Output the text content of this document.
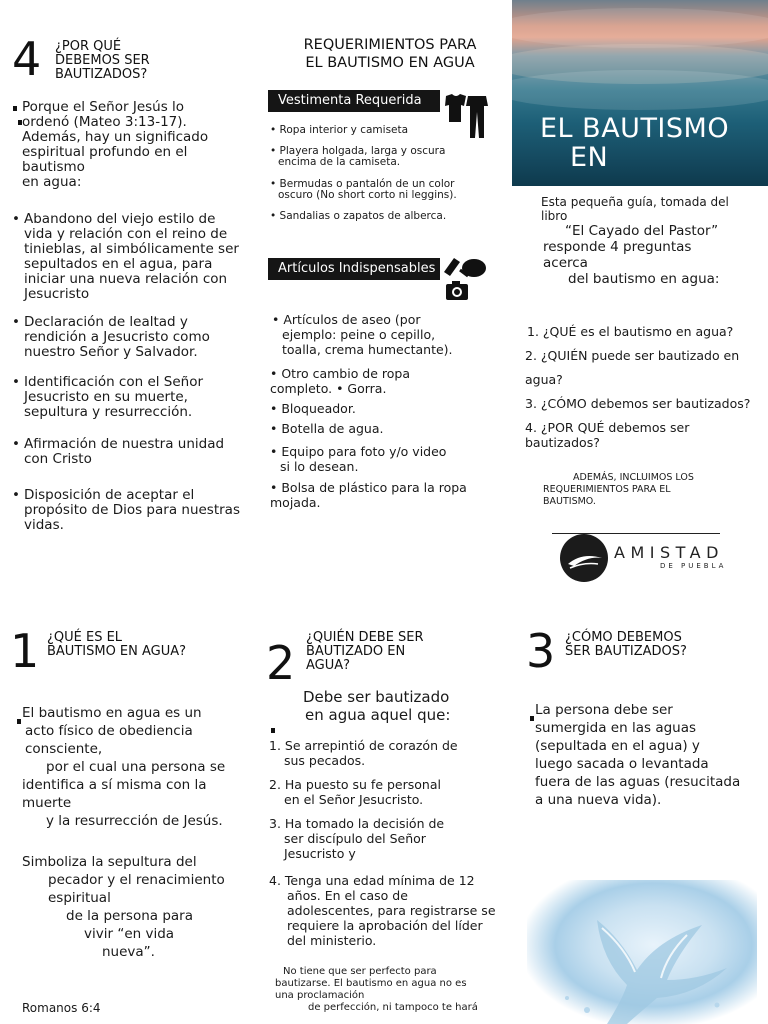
4 ¿POR QUÉ
DEBEMOS SER
BAUTIZADOS?
Porque el Señor Jesús lo
ordenó (Mateo 3:13-17).
Además, hay un significado
espiritual profundo en el
bautismo
en agua:
• Abandono del viejo estilo de
vida y relación con el reino de
tinieblas, al simbólicamente ser
sepultados en el agua, para
iniciar una nueva relación con
Jesucristo
• Declaración de lealtad y
rendición a Jesucristo como
nuestro Señor y Salvador.
• Identificación con el Señor
Jesucristo en su muerte,
sepultura y resurrección.
• Afirmación de nuestra unidad
con Cristo
• Disposición de aceptar el
propósito de Dios para nuestras
vidas.
REQUERIMIENTOS PARA
EL BAUTISMO EN AGUA
Vestimenta Requerida
• Ropa interior y camiseta
• Playera holgada, larga y oscura
encima de la camiseta.
• Bermudas o pantalón de un color
oscuro (No short corto ni leggins).
• Sandalias o zapatos de alberca.
Artículos Indispensables
• Artículos de aseo (por
ejemplo: peine o cepillo,
toalla, crema humectante).
• Otro cambio de ropa
completo. • Gorra.
• Bloqueador.
• Botella de agua.
• Equipo para foto y/o video
si lo desean.
• Bolsa de plástico para la ropa
mojada.
EL BAUTISMO
EN
Esta pequeña guía, tomada del
libro
“El Cayado del Pastor”
responde 4 preguntas
acerca
del bautismo en agua:
1. ¿QUÉ es el bautismo en agua?
2. ¿QUIÉN puede ser bautizado en
agua?
3. ¿CÓMO debemos ser bautizados?
4. ¿POR QUÉ debemos ser
bautizados?
ADEMÁS, INCLUIMOS LOS
REQUERIMIENTOS PARA EL
BAUTISMO.
AMISTAD
DE PUEBLA
1 ¿QUÉ ES EL
BAUTISMO EN AGUA?
El bautismo en agua es un
acto físico de obediencia
consciente,
por el cual una persona se
identifica a sí misma con la
muerte
y la resurrección de Jesús.
Simboliza la sepultura del
pecador y el renacimiento
espiritual
de la persona para
vivir “en vida
nueva”.
Romanos 6:4
2 ¿QUIÉN DEBE SER
BAUTIZADO EN
AGUA?
Debe ser bautizado
en agua aquel que:
1. Se arrepintió de corazón de
sus pecados.
2. Ha puesto su fe personal
en el Señor Jesucristo.
3. Ha tomado la decisión de
ser discípulo del Señor
Jesucristo y
4. Tenga una edad mínima de 12
años. En el caso de
adolescentes, para registrarse se
requiere la aprobación del líder
del ministerio.
No tiene que ser perfecto para
bautizarse. El bautismo en agua no es
una proclamación
de perfección, ni tampoco te hará
3 ¿CÓMO DEBEMOS
SER BAUTIZADOS?
La persona debe ser
sumergida en las aguas
(sepultada en el agua) y
luego sacada o levantada
fuera de las aguas (resucitada
a una nueva vida).
